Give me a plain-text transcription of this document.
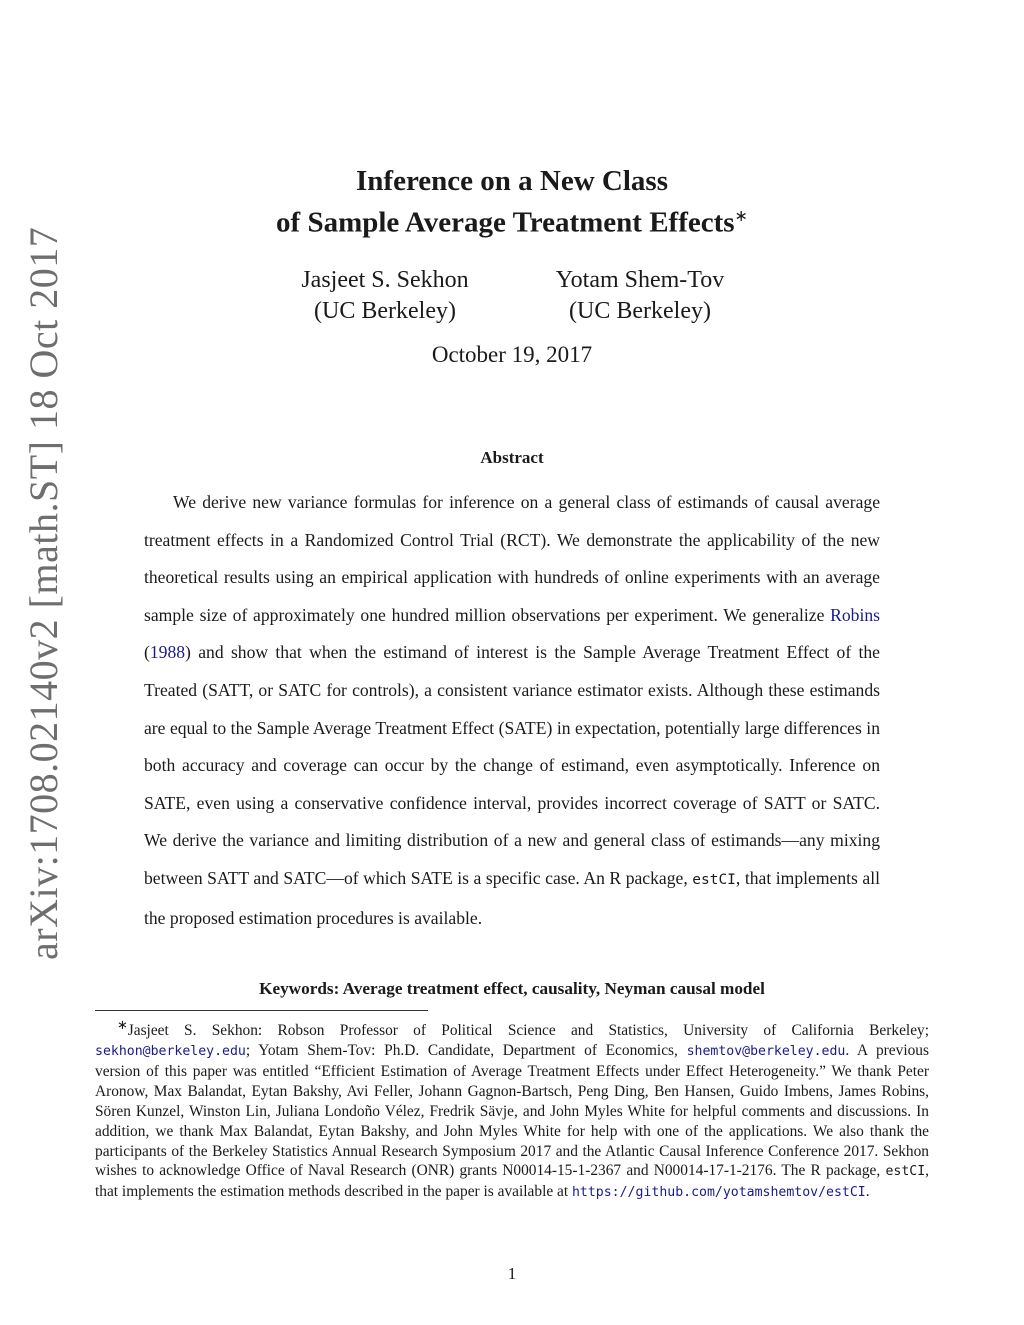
arXiv:1708.02140v2 [math.ST] 18 Oct 2017
Inference on a New Class
of Sample Average Treatment Effects∗
Jasjeet S. Sekhon
(UC Berkeley)
Yotam Shem-Tov
(UC Berkeley)
October 19, 2017
Abstract

We derive new variance formulas for inference on a general class of estimands of causal average treatment effects in a Randomized Control Trial (RCT). We demonstrate the applicability of the new theoretical results using an empirical application with hundreds of online experiments with an average sample size of approximately one hundred million observations per experiment. We generalize Robins (1988) and show that when the estimand of interest is the Sample Average Treatment Effect of the Treated (SATT, or SATC for controls), a consistent variance estimator exists. Although these estimands are equal to the Sample Average Treatment Effect (SATE) in expectation, potentially large differences in both accuracy and coverage can occur by the change of estimand, even asymptotically. Inference on SATE, even using a conservative confidence interval, provides incorrect coverage of SATT or SATC. We derive the variance and limiting distribution of a new and general class of estimands—any mixing between SATT and SATC—of which SATE is a specific case. An R package, estCI, that implements all the proposed estimation procedures is available.

Keywords: Average treatment effect, causality, Neyman causal model

∗Jasjeet S. Sekhon: Robson Professor of Political Science and Statistics, University of California Berkeley; sekhon@berkeley.edu; Yotam Shem-Tov: Ph.D. Candidate, Department of Economics, shemtov@berkeley.edu. A previous version of this paper was entitled “Efficient Estimation of Average Treatment Effects under Effect Heterogeneity.” We thank Peter Aronow, Max Balandat, Eytan Bakshy, Avi Feller, Johann Gagnon-Bartsch, Peng Ding, Ben Hansen, Guido Imbens, James Robins, Sören Kunzel, Winston Lin, Juliana Londoño Vélez, Fredrik Sävje, and John Myles White for helpful comments and discussions. In addition, we thank Max Balandat, Eytan Bakshy, and John Myles White for help with one of the applications. We also thank the participants of the Berkeley Statistics Annual Research Symposium 2017 and the Atlantic Causal Inference Conference 2017. Sekhon wishes to acknowledge Office of Naval Research (ONR) grants N00014-15-1-2367 and N00014-17-1-2176. The R package, estCI, that implements the estimation methods described in the paper is available at https://github.com/yotamshemtov/estCI.

1
